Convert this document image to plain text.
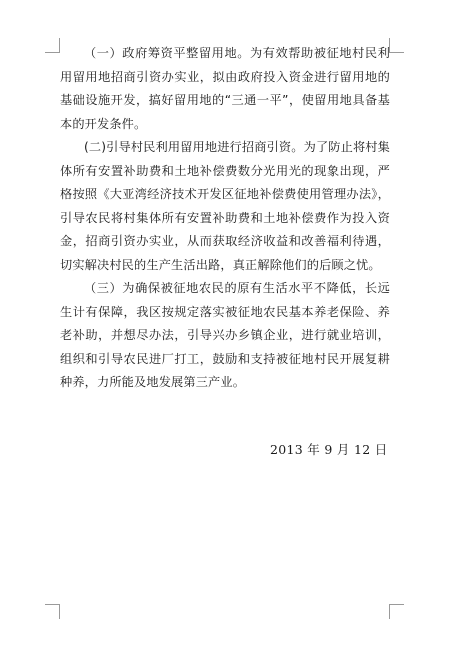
（一）政府筹资平整留用地。为有效帮助被征地村民利用留用地招商引资办实业，拟由政府投入资金进行留用地的基础设施开发，搞好留用地的“三通一平”，使留用地具备基本的开发条件。

(二)引导村民利用留用地进行招商引资。为了防止将村集体所有安置补助费和土地补偿费数分光用光的现象出现，严格按照《大亚湾经济技术开发区征地补偿费使用管理办法》，引导农民将村集体所有安置补助费和土地补偿费作为投入资金，招商引资办实业，从而获取经济收益和改善福利待遇，切实解决村民的生产生活出路，真正解除他们的后顾之忧。

（三）为确保被征地农民的原有生活水平不降低，长远生计有保障，我区按规定落实被征地农民基本养老保险、养老补助，并想尽办法，引导兴办乡镇企业，进行就业培训，组织和引导农民进厂打工，鼓励和支持被征地村民开展复耕种养，力所能及地发展第三产业。

2013 年 9 月 12 日
